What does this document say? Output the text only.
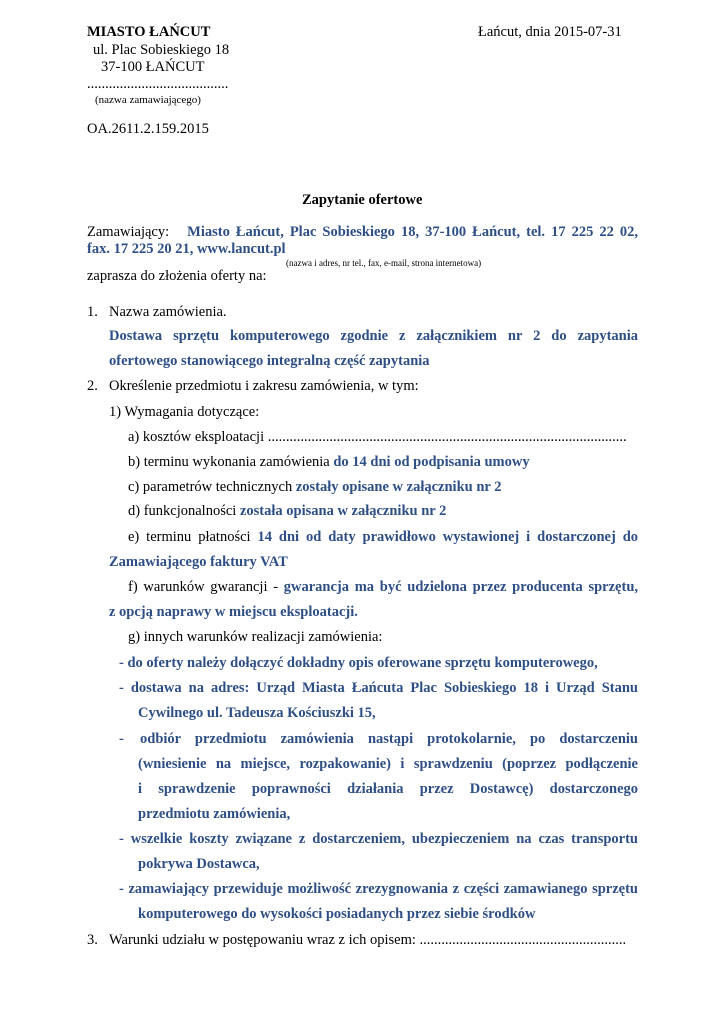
MIASTO ŁAŃCUT	Łańcut, dnia 2015-07-31
ul. Plac Sobieskiego 18
37-100 ŁAŃCUT
.......................................
(nazwa zamawiającego)
OA.2611.2.159.2015
Zapytanie ofertowe
Zamawiający: Miasto Łańcut, Plac Sobieskiego 18, 37-100 Łańcut, tel. 17 225 22 02,
fax. 17 225 20 21, www.lancut.pl
(nazwa i adres, nr tel., fax, e-mail, strona internetowa)
zaprasza do złożenia oferty na:
1. Nazwa zamówienia.
Dostawa sprzętu komputerowego zgodnie z załącznikiem nr 2 do zapytania
ofertowego stanowiącego integralną część zapytania
2. Określenie przedmiotu i zakresu zamówienia, w tym:
1) Wymagania dotyczące:
a) kosztów eksploatacji ...................................................................................................
b) terminu wykonania zamówienia do 14 dni od podpisania umowy
c) parametrów technicznych zostały opisane w załączniku nr 2
d) funkcjonalności została opisana w załączniku nr 2
e) terminu płatności 14 dni od daty prawidłowo wystawionej i dostarczonej do
Zamawiającego faktury VAT
f) warunków gwarancji - gwarancja ma być udzielona przez producenta sprzętu,
z opcją naprawy w miejscu eksploatacji.
g) innych warunków realizacji zamówienia:
- do oferty należy dołączyć dokładny opis oferowane sprzętu komputerowego,
- dostawa na adres: Urząd Miasta Łańcuta Plac Sobieskiego 18 i Urząd Stanu
Cywilnego ul. Tadeusza Kościuszki 15,
- odbiór przedmiotu zamówienia nastąpi protokolarnie, po dostarczeniu
(wniesienie na miejsce, rozpakowanie) i sprawdzeniu (poprzez podłączenie
i sprawdzenie poprawności działania przez Dostawcę) dostarczonego
przedmiotu zamówienia,
- wszelkie koszty związane z dostarczeniem, ubezpieczeniem na czas transportu
pokrywa Dostawca,
- zamawiający przewiduje możliwość zrezygnowania z części zamawianego sprzętu
komputerowego do wysokości posiadanych przez siebie środków
3. Warunki udziału w postępowaniu wraz z ich opisem: .........................................................
